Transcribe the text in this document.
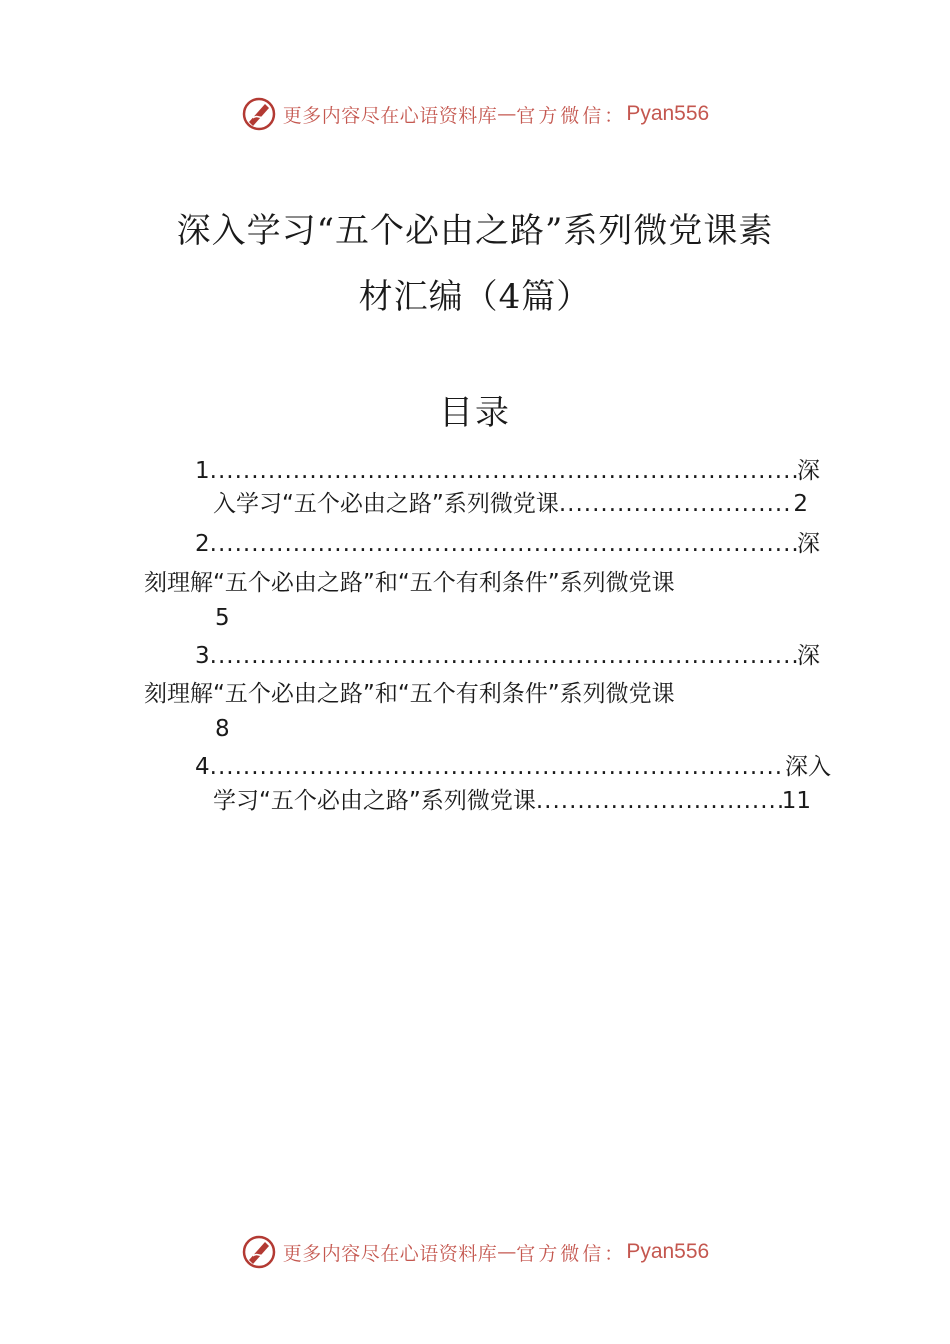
更多内容尽在心语资料库 — 官方微信： Pyan556
深入学习“五个必由之路”系列微党课素
材汇编（4篇）
目录
1 .....	深
入学习“五个必由之路”系列微党课 .....	2
2 .....	深
刻理解“五个必由之路”和“五个有利条件”系列微党课
5
3 .....	深
刻理解“五个必由之路”和“五个有利条件”系列微党课
8
4 .....	深入
学习“五个必由之路”系列微党课 .....	11
更多内容尽在心语资料库 — 官方微信： Pyan556
